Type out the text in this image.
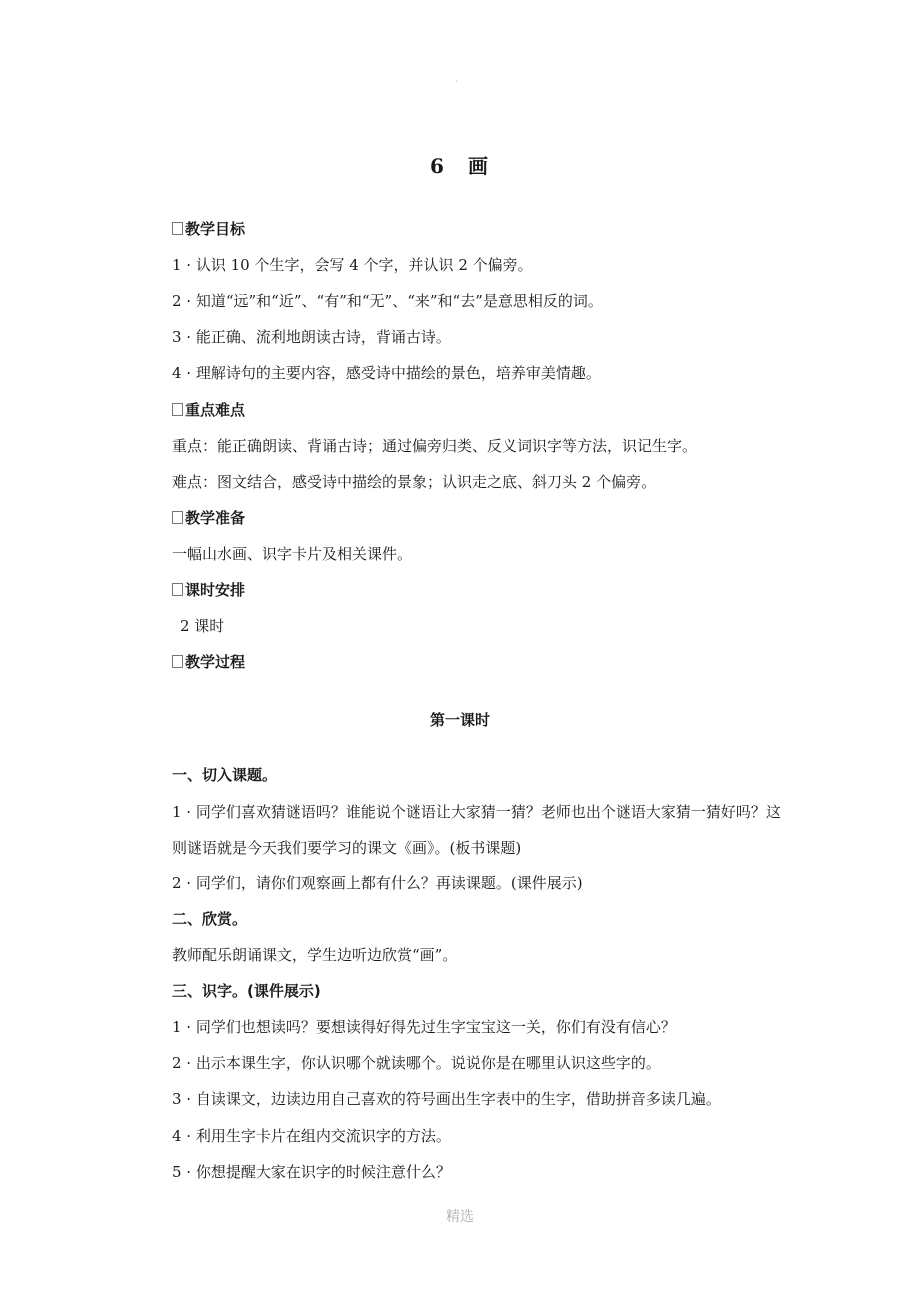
.
6　画
教学目标
1 · 认识 10 个生字，会写 4 个字，并认识 2 个偏旁。
2 · 知道“远”和“近”、“有”和“无”、“来”和“去”是意思相反的词。
3 · 能正确、流利地朗读古诗，背诵古诗。
4 · 理解诗句的主要内容，感受诗中描绘的景色，培养审美情趣。
重点难点
重点：能正确朗读、背诵古诗；通过偏旁归类、反义词识字等方法，识记生字。
难点：图文结合，感受诗中描绘的景象；认识走之底、斜刀头 2 个偏旁。
教学准备
一幅山水画、识字卡片及相关课件。
课时安排
2 课时
教学过程
第一课时
一、切入课题。
1 · 同学们喜欢猜谜语吗？谁能说个谜语让大家猜一猜？老师也出个谜语大家猜一猜好吗？这则谜语就是今天我们要学习的课文《画》。(板书课题)
2 · 同学们，请你们观察画上都有什么？再读课题。(课件展示)
二、欣赏。
教师配乐朗诵课文，学生边听边欣赏“画”。
三、识字。(课件展示)
1 · 同学们也想读吗？要想读得好得先过生字宝宝这一关，你们有没有信心？
2 · 出示本课生字，你认识哪个就读哪个。说说你是在哪里认识这些字的。
3 · 自读课文，边读边用自己喜欢的符号画出生字表中的生字，借助拼音多读几遍。
4 · 利用生字卡片在组内交流识字的方法。
5 · 你想提醒大家在识字的时候注意什么？
精选
